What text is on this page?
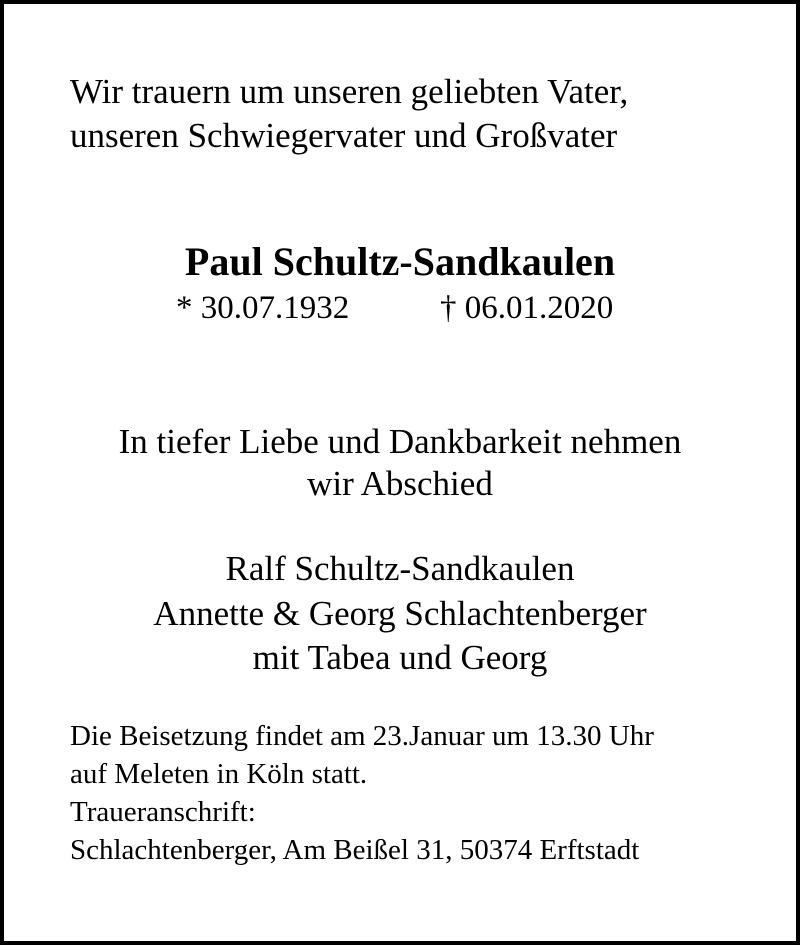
Wir trauern um unseren geliebten Vater,
unseren Schwiegervater und Großvater
Paul Schultz-Sandkaulen
* 30.07.1932	† 06.01.2020
In tiefer Liebe und Dankbarkeit nehmen
wir Abschied
Ralf Schultz-Sandkaulen
Annette & Georg Schlachtenberger
mit Tabea und Georg
Die Beisetzung findet am 23.Januar um 13.30 Uhr
auf Meleten in Köln statt.
Traueranschrift:
Schlachtenberger, Am Beißel 31, 50374 Erftstadt
